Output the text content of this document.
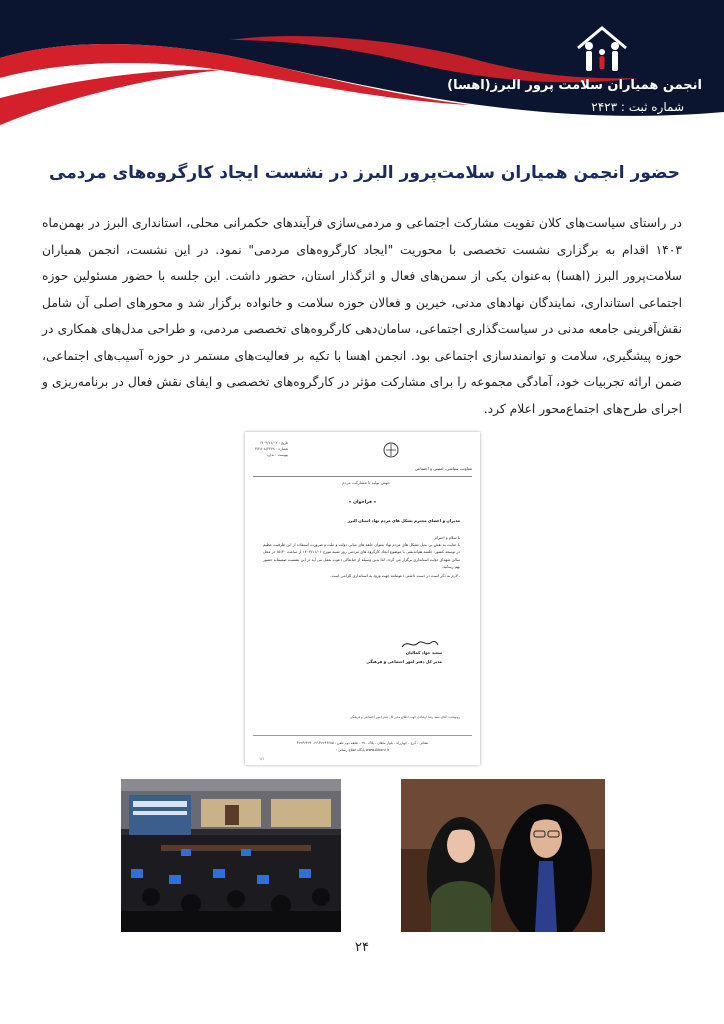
انجمن همیاران سلامت پرور البرز(اهسا)
شماره ثبت : ۲۴۲۳
حضور انجمن همیاران سلامت‌پرور البرز در نشست ایجاد کارگروه‌های مردمی
در راستای سیاست‌های کلان تقویت مشارکت اجتماعی و مردمی‌سازی فرآیندهای حکمرانی محلی، استانداری البرز در بهمن‌ماه ۱۴۰۳ اقدام به برگزاری نشست تخصصی با محوریت "ایجاد کارگروه‌های مردمی" نمود. در این نشست، انجمن همیاران سلامت‌پرور البرز (اهسا) به‌عنوان یکی از سمن‌های فعال و اثرگذار استان، حضور داشت. این جلسه با حضور مسئولین حوزه اجتماعی استانداری، نمایندگان نهادهای مدنی، خیرین و فعالان حوزه سلامت و خانواده برگزار شد و محورهای اصلی آن شامل نقش‌آفرینی جامعه مدنی در سیاست‌گذاری اجتماعی، سامان‌دهی کارگروه‌های تخصصی مردمی، و طراحی مدل‌های همکاری در حوزه پیشگیری، سلامت و توانمندسازی اجتماعی بود. انجمن اهسا با تکیه بر فعالیت‌های مستمر در حوزه آسیب‌های اجتماعی، ضمن ارائه تجربیات خود، آمادگی مجموعه را برای مشارکت مؤثر در کارگروه‌های تخصصی و ایفای نقش فعال در برنامه‌ریزی و اجرای طرح‌های اجتماع‌محور اعلام کرد.
تاریخ : ۱۴۰۳/۱۱/۰۲
شماره : ۳/۴۸۰۸/۲۴۷۸
پیوست : ندارد
معاونت سیاسی، امنیتی و اجتماعی
جهش تولید با مشارکت مردم
« فراخوان »
مدیران و اعضای محترم تشکل های مردم نهاد استان البرز
با سلام و احترام
با عنایت به نقش بی بدیل تشکل های مردم نهاد بعنوان حلقه های میانی دولت و ملت و ضرورت استفاده از این ظرفیت عظیم در توسعه کشور؛ جلسه هم‌اندیشی با موضوع ایجاد کارگروه های مردمی روز شنبه مورخ ۱۴۰۳/۱۱/۰۶ از ساعت ۱۵:۳۰ در محل سالن شهدای دولت استانداری برگزار می گردد. لذا بدین وسیله از جنابعالی دعوت بعمل می آید در این نشست صمیمانه حضور بهم رسانید.
ـ لازم به ذکر است در دست داشتن دعوتنامه جهت ورود به استانداری الزامی است.
سعید جواد کمالیان
مدیر کل دفتر امور اجتماعی و فرهنگی
رونوشت: آقای سید رضا ارشادی جهت اطلاع مدیر کل دفتر امور اجتماعی و فرهنگی
نشانی : کرج - چهارراه - بلوار ماهان - پلاک ۲۷۰ - طبقه دوم تلفن : ۳۲۲۴۶۶۸۵-۰۲۶ ۳۲۲۴۶۳۲۴
www.Alborz.ir پایگاه اطلاع رسانی :
۱/۱
۲۴
